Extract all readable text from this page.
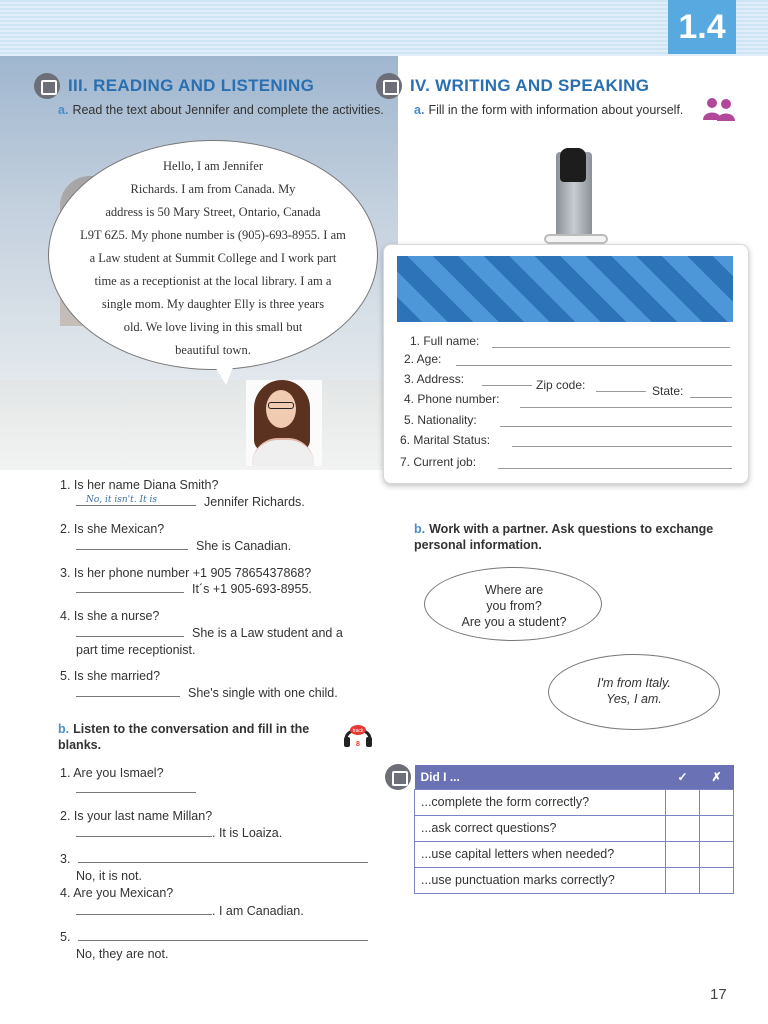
1.4
III. READING AND LISTENING
a. Read the text about Jennifer and complete the activities.
Hello, I am Jennifer
Richards. I am from Canada. My
address is 50 Mary Street, Ontario, Canada
L9T 6Z5. My phone number is (905)-693-8955. I am
a Law student at Summit College and I work part
time as a receptionist at the local library. I am a
single mom. My daughter Elly is three years
old. We love living in this small but
beautiful town.
1. Is her name Diana Smith?
No, it isn't. It is	Jennifer Richards.
2. Is she Mexican?
She is Canadian.
3. Is her phone number +1 905 7865437868?
It´s +1 905-693-8955.
4. Is she a nurse?
She is a Law student and a
part time receptionist.
5. Is she married?
She's single with one child.
b. Listen to the conversation and fill in the blanks.
track
8
1. Are you Ismael?
2. Is your last name Millan?
. It is Loaiza.
3.
No, it is not.
4. Are you Mexican?
. I am Canadian.
5.
No, they are not.
IV. WRITING AND SPEAKING
a. Fill in the form with information about yourself.
1. Full name:
2. Age:
3. Address:	Zip code:	State:
4. Phone number:
5. Nationality:
6. Marital Status:
7. Current job:
b. Work with a partner. Ask questions to exchange personal information.
Where are
you from?
Are you a student?
I'm from Italy.
Yes, I am.
Did I ...	✓	✗
...complete the form correctly?		
...ask correct questions?		
...use capital letters when needed?		
...use punctuation marks correctly?		
17
